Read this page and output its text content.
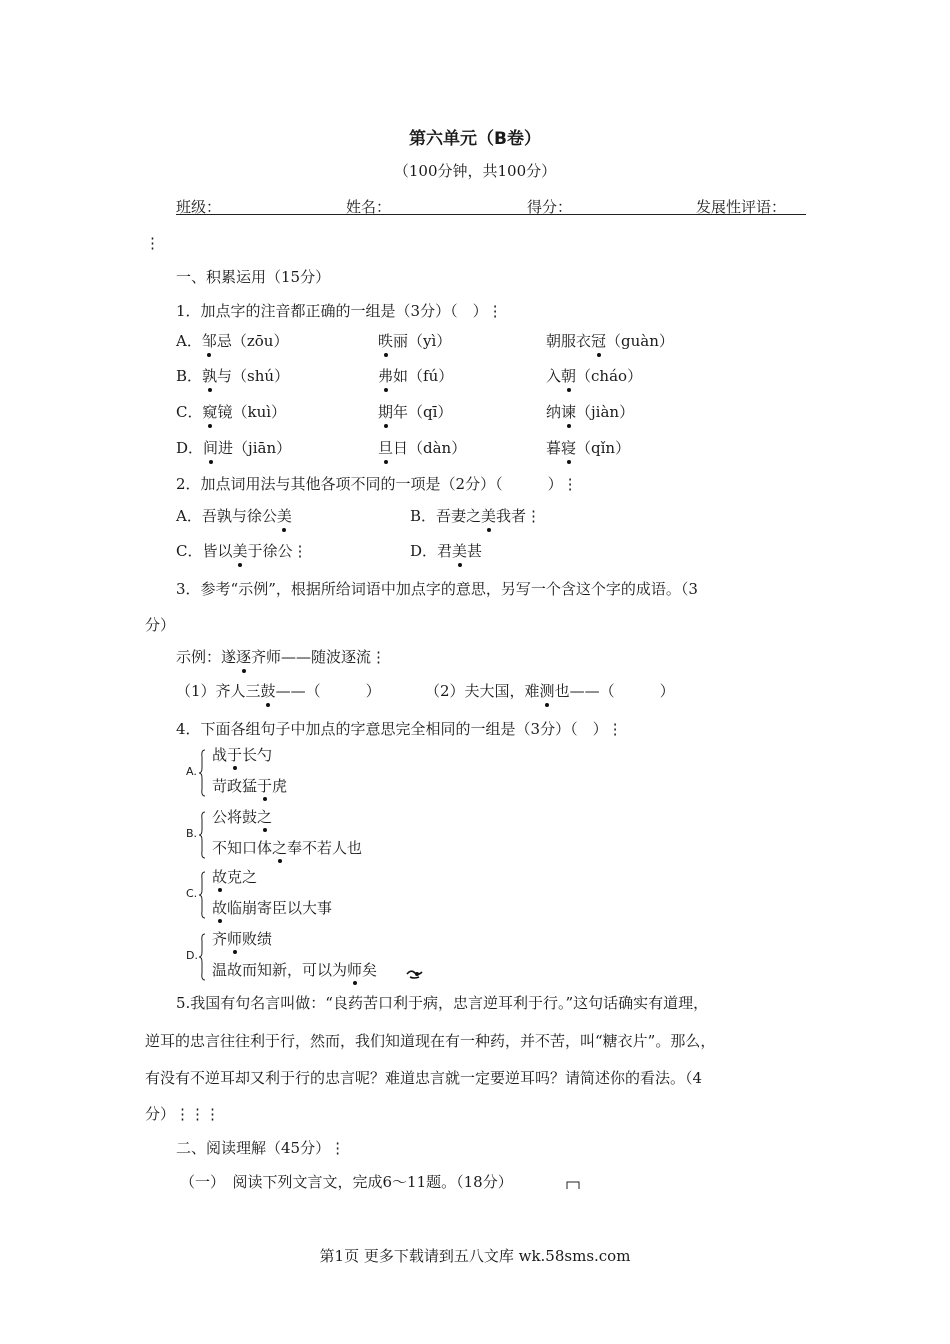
第六单元（B卷）
（100分钟，共100分）
班级：	姓名：	得分：	发展性评语：
⋮
一、积累运用（15分）
1．加点字的注音都正确的一组是（3分）（　）⋮
A．邹忌（zōu）	昳丽（yì）	朝服衣冠（guàn）
B．孰与（shú）	弗如（fú）	入朝（cháo）
C．窥镜（kuì）	期年（qī）	纳谏（jiàn）
D．间进（jiān）	旦日（dàn）	暮寝（qǐn）
2．加点词用法与其他各项不同的一项是（2分）（　　　）⋮
A．吾孰与徐公美	B．吾妻之美我者⋮
C．皆以美于徐公⋮	D．君美甚
3．参考“示例”，根据所给词语中加点字的意思，另写一个含这个字的成语。（3
分）
示例：遂逐齐师——随波逐流⋮
（1）齐人三鼓——（　　　）	（2）夫大国，难测也——（　　　）
4．下面各组句子中加点的字意思完全相同的一组是（3分）（　）⋮
A.
战于长勺
苛政猛于虎
B.
公将鼓之
不知口体之奉不若人也
C.
故克之
故临崩寄臣以大事
D.
齐师败绩
温故而知新，可以为师矣
5.我国有句名言叫做：“良药苦口利于病，忠言逆耳利于行。”这句话确实有道理，
逆耳的忠言往往利于行，然而，我们知道现在有一种药，并不苦，叫“糖衣片”。那么，
有没有不逆耳却又利于行的忠言呢？难道忠言就一定要逆耳吗？请简述你的看法。（4
分）⋮⋮⋮
二、阅读理解（45分）⋮
（一）　阅读下列文言文，完成6～11题。（18分）
第1页 更多下载请到五八文库 wk.58sms.com
